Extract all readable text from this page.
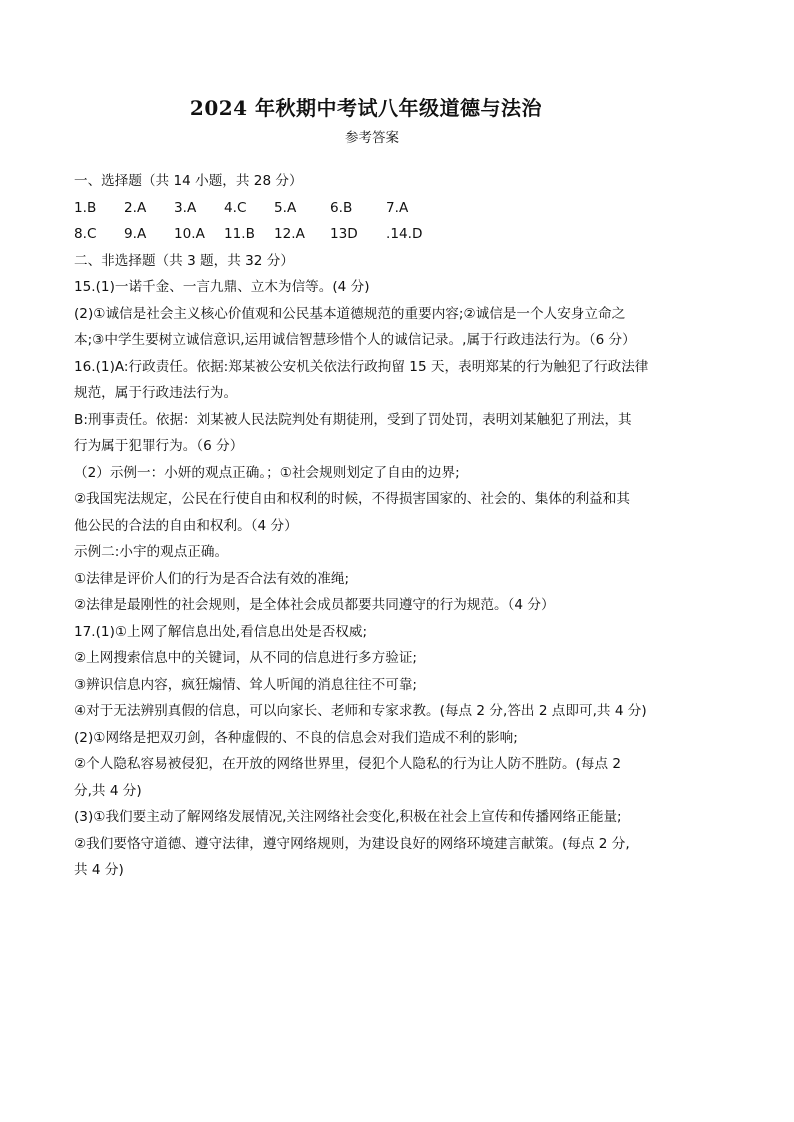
2024 年秋期中考试八年级道德与法治
参考答案
一、选择题（共 14 小题，共 28 分）
1.B	2.A	3.A	4.C	5.A	6.B	7.A
8.C	9.A	10.A	11.B	12.A	13D	.14.D
二、非选择题（共 3 题，共 32 分）
15.(1)一诺千金、一言九鼎、立木为信等。(4 分)
(2)①诚信是社会主义核心价值观和公民基本道德规范的重要内容;②诚信是一个人安身立命之
本;③中学生要树立诚信意识,运用诚信智慧珍惜个人的诚信记录。,属于行政违法行为。（6 分）
16.(1)A:行政责任。依据:郑某被公安机关依法行政拘留 15 天，表明郑某的行为触犯了行政法律
规范，属于行政违法行为。
B:刑事责任。依据：刘某被人民法院判处有期徒刑，受到了罚处罚，表明刘某触犯了刑法，其
行为属于犯罪行为。（6 分）
（2）示例一：小妍的观点正确。；①社会规则划定了自由的边界;
②我国宪法规定，公民在行使自由和权利的时候，不得损害国家的、社会的、集体的利益和其
他公民的合法的自由和权利。（4 分）
示例二:小宇的观点正确。
①法律是评价人们的行为是否合法有效的准绳;
②法律是最刚性的社会规则，是全体社会成员都要共同遵守的行为规范。（4 分）
17.(1)①上网了解信息出处,看信息出处是否权威;
②上网搜索信息中的关键词，从不同的信息进行多方验证;
③辨识信息内容，疯狂煽情、耸人听闻的消息往往不可靠;
④对于无法辨别真假的信息，可以向家长、老师和专家求教。(每点 2 分,答出 2 点即可,共 4 分)
(2)①网络是把双刃剑，各种虚假的、不良的信息会对我们造成不利的影响;
②个人隐私容易被侵犯，在开放的网络世界里，侵犯个人隐私的行为让人防不胜防。(每点 2
分,共 4 分)
(3)①我们要主动了解网络发展情况,关注网络社会变化,积极在社会上宣传和传播网络正能量;
②我们要恪守道德、遵守法律，遵守网络规则，为建设良好的网络环境建言献策。(每点 2 分,
共 4 分)
